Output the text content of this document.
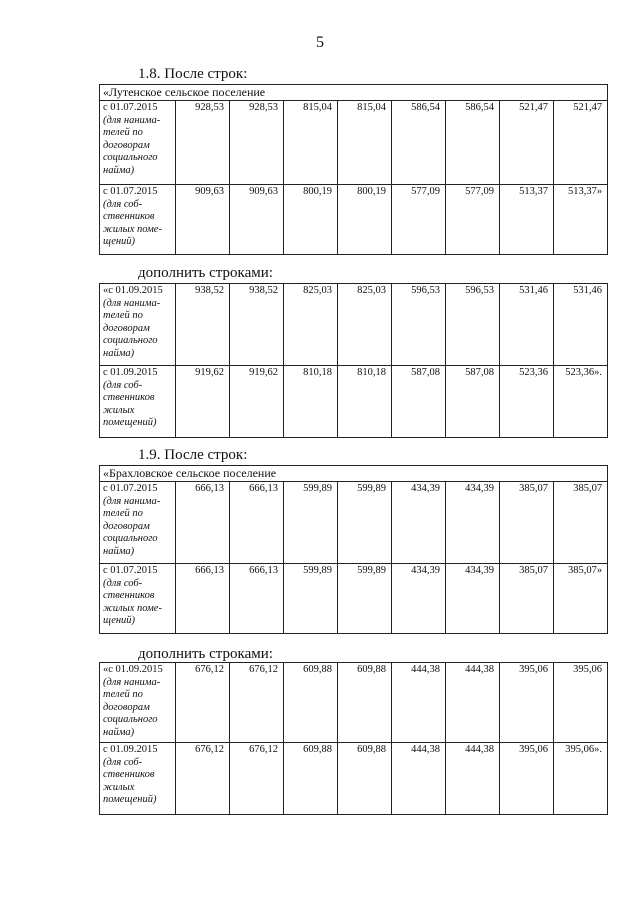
5
1.8. После строк:
«Лутенское сельское поселение								

с 01.07.2015
(для нанима-телей по договорам социального найма)	928,53	928,53	815,04	815,04	586,54	586,54	521,47	521,47

с 01.07.2015
(для соб-ственников жилых поме-щений)	909,63	909,63	800,19	800,19	577,09	577,09	513,37	513,37»
дополнить строками:
«с 01.09.2015
(для нанима-телей по договорам социального найма)	938,52	938,52	825,03	825,03	596,53	596,53	531,46	531,46

с 01.09.2015
(для соб-ственников жилых помещений)	919,62	919,62	810,18	810,18	587,08	587,08	523,36	523,36».
1.9. После строк:
«Брахловское сельское поселение								

с 01.07.2015
(для нанима-телей по договорам социального найма)	666,13	666,13	599,89	599,89	434,39	434,39	385,07	385,07

с 01.07.2015
(для соб-ственников жилых поме-щений)	666,13	666,13	599,89	599,89	434,39	434,39	385,07	385,07»
дополнить строками:
«с 01.09.2015
(для нанима-телей по договорам социального найма)	676,12	676,12	609,88	609,88	444,38	444,38	395,06	395,06

с 01.09.2015
(для соб-ственников жилых помещений)	676,12	676,12	609,88	609,88	444,38	444,38	395,06	395,06».
